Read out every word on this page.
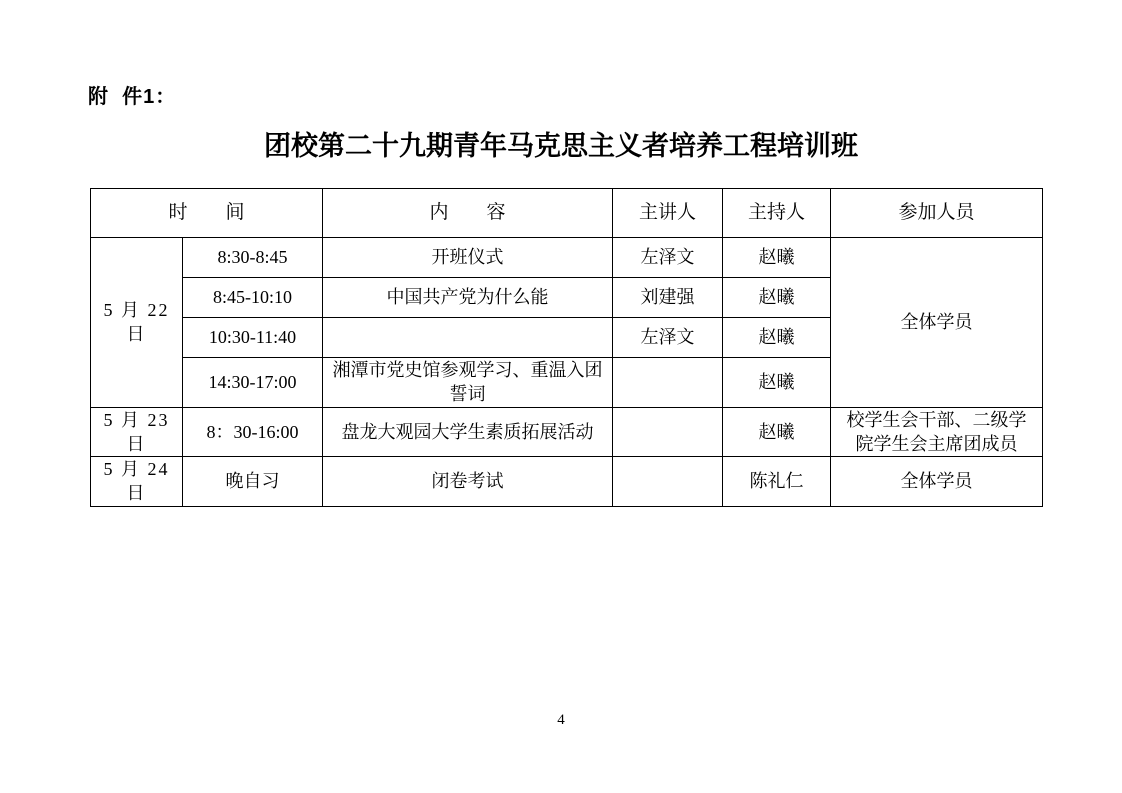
附  件1：
团校第二十九期青年马克思主义者培养工程培训班
时　　间		内　　容	主讲人	主持人	参加人员
5 月 22 日	8:30-8:45	开班仪式	左泽文	赵曦	全体学员
	8:45-10:10	中国共产党为什么能	刘建强	赵曦	
	10:30-11:40		左泽文	赵曦	
	14:30-17:00	湘潭市党史馆参观学习、重温入团誓词		赵曦	
5 月 23 日	8：30-16:00	盘龙大观园大学生素质拓展活动		赵曦	校学生会干部、二级学
院学生会主席团成员

5 月 24 日	晚自习	闭卷考试		陈礼仁	全体学员
4
